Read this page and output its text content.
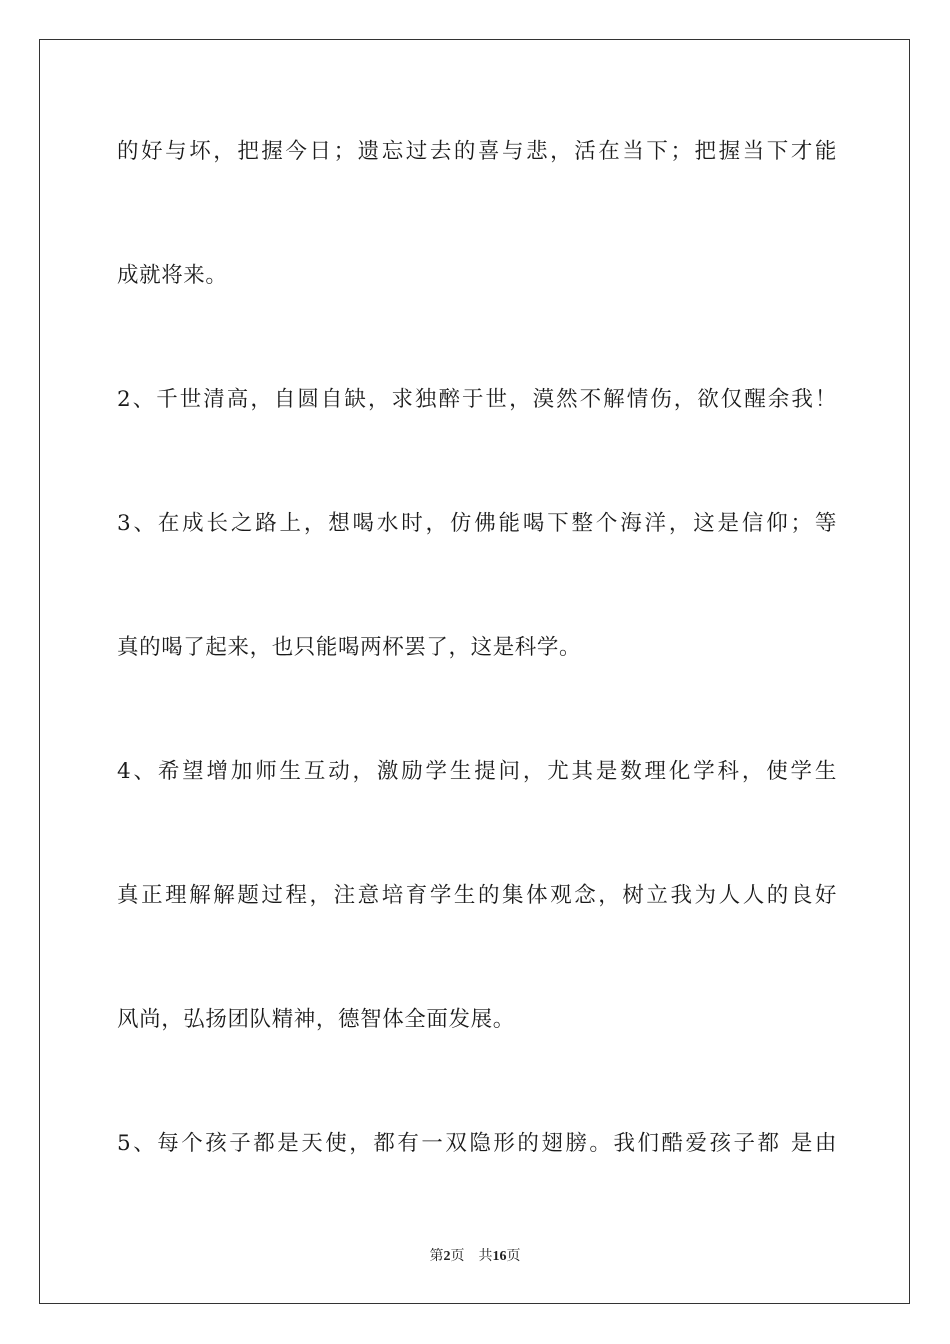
的好与坏，把握今日；遗忘过去的喜与悲，活在当下；把握当下才能
成就将来。
2、千世清高，自圆自缺，求独醉于世，漠然不解情伤，欲仅醒余我！
3、在成长之路上，想喝水时，仿佛能喝下整个海洋，这是信仰；等
真的喝了起来，也只能喝两杯罢了，这是科学。
4、希望增加师生互动，激励学生提问，尤其是数理化学科，使学生
真正理解解题过程，注意培育学生的集体观念，树立我为人人的良好
风尚，弘扬团队精神，德智体全面发展。
5、每个孩子都是天使，都有一双隐形的翅膀。我们酷爱孩子都 是由
第2页 共16页
